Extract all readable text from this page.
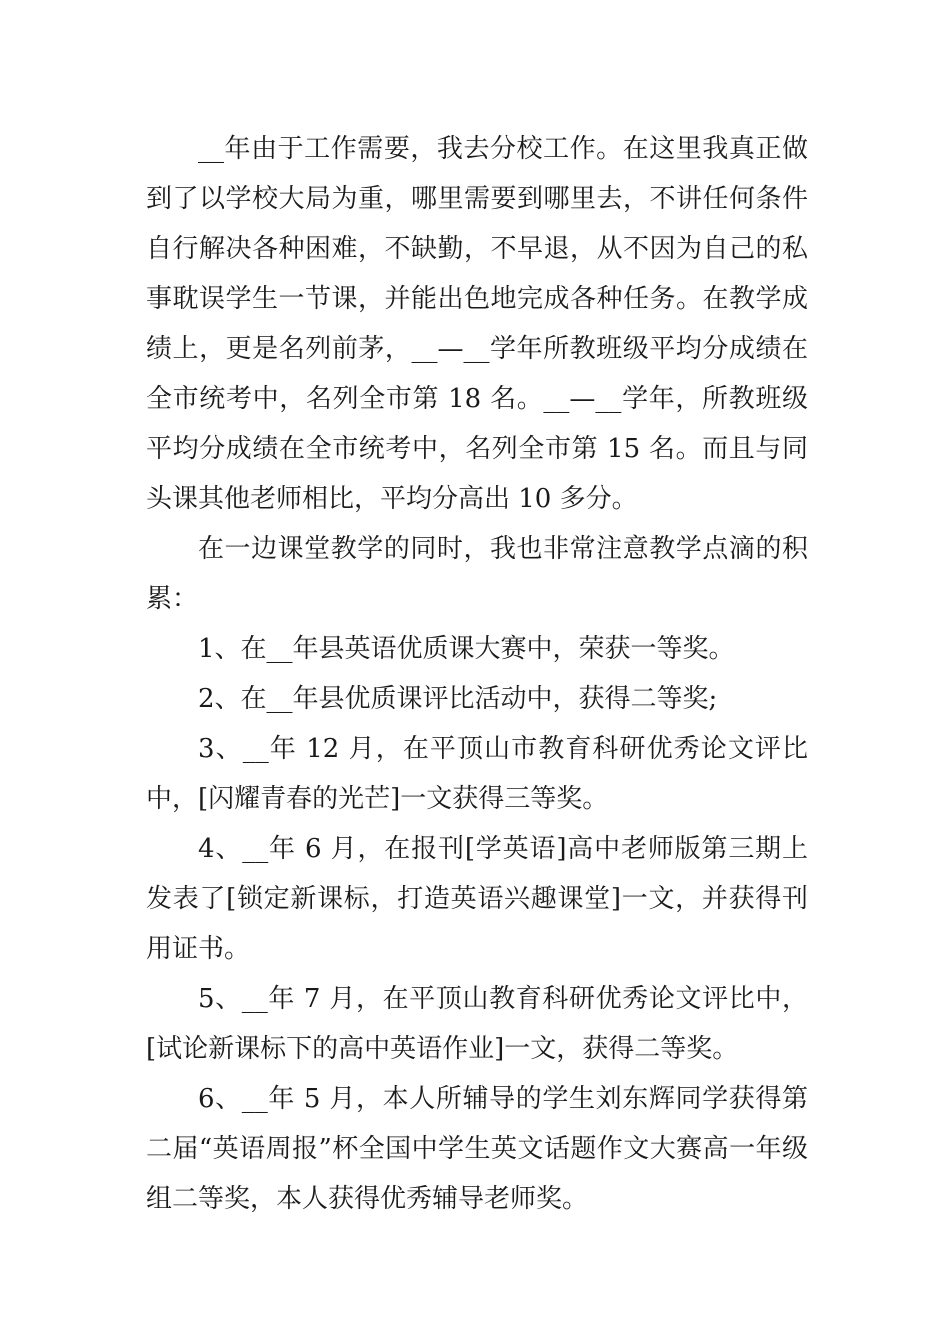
__年由于工作需要，我去分校工作。在这里我真正做到了以学校大局为重，哪里需要到哪里去，不讲任何条件自行解决各种困难，不缺勤，不早退，从不因为自己的私事耽误学生一节课，并能出色地完成各种任务。在教学成绩上，更是名列前茅，__—__学年所教班级平均分成绩在全市统考中，名列全市第 18 名。__—__学年，所教班级平均分成绩在全市统考中，名列全市第 15 名。而且与同头课其他老师相比，平均分高出 10 多分。

在一边课堂教学的同时，我也非常注意教学点滴的积累：

1、在__年县英语优质课大赛中，荣获一等奖。

2、在__年县优质课评比活动中，获得二等奖;

3、__年 12 月，在平顶山市教育科研优秀论文评比中，[闪耀青春的光芒]一文获得三等奖。

4、__年 6 月，在报刊[学英语]高中老师版第三期上发表了[锁定新课标，打造英语兴趣课堂]一文，并获得刊用证书。

5、__年 7 月，在平顶山教育科研优秀论文评比中，[试论新课标下的高中英语作业]一文，获得二等奖。

6、__年 5 月，本人所辅导的学生刘东辉同学获得第二届“英语周报”杯全国中学生英文话题作文大赛高一年级组二等奖，本人获得优秀辅导老师奖。
